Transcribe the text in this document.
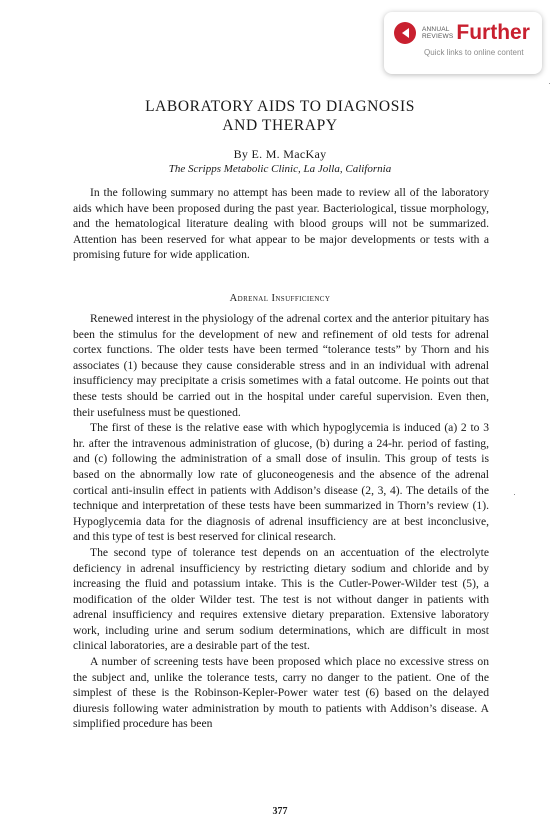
ANNUAL
REVIEWS Further
Quick links to online content
LABORATORY AIDS TO DIAGNOSIS
AND THERAPY
By E. M. MacKay
The Scripps Metabolic Clinic, La Jolla, California

In the following summary no attempt has been made to review all of the laboratory aids which have been proposed during the past year. Bacteriological, tissue morphology, and the hematological literature dealing with blood groups will not be summarized. Attention has been reserved for what appear to be major developments or tests with a promising future for wide application.

Adrenal Insufficiency

Renewed interest in the physiology of the adrenal cortex and the anterior pituitary has been the stimulus for the development of new and refinement of old tests for adrenal cortex functions. The older tests have been termed “tolerance tests” by Thorn and his associates (1) because they cause considerable stress and in an individual with adrenal insufficiency may precipitate a crisis sometimes with a fatal outcome. He points out that these tests should be carried out in the hospital under careful supervision. Even then, their usefulness must be questioned.

The first of these is the relative ease with which hypoglycemia is induced (a) 2 to 3 hr. after the intravenous administration of glucose, (b) during a 24-hr. period of fasting, and (c) following the administration of a small dose of insulin. This group of tests is based on the abnormally low rate of gluconeogenesis and the absence of the adrenal cortical anti-insulin effect in patients with Addison’s disease (2, 3, 4). The details of the technique and interpretation of these tests have been summarized in Thorn’s review (1). Hypoglycemia data for the diagnosis of adrenal insufficiency are at best inconclusive, and this type of test is best reserved for clinical research.

The second type of tolerance test depends on an accentuation of the electrolyte deficiency in adrenal insufficiency by restricting dietary sodium and chloride and by increasing the fluid and potassium intake. This is the Cutler-Power-Wilder test (5), a modification of the older Wilder test. The test is not without danger in patients with adrenal insufficiency and requires extensive dietary preparation. Extensive laboratory work, including urine and serum sodium determinations, which are difficult in most clinical laboratories, are a desirable part of the test.

A number of screening tests have been proposed which place no excessive stress on the subject and, unlike the tolerance tests, carry no danger to the patient. One of the simplest of these is the Robinson-Kepler-Power water test (6) based on the delayed diuresis following water administration by mouth to patients with Addison’s disease. A simplified procedure has been

377
